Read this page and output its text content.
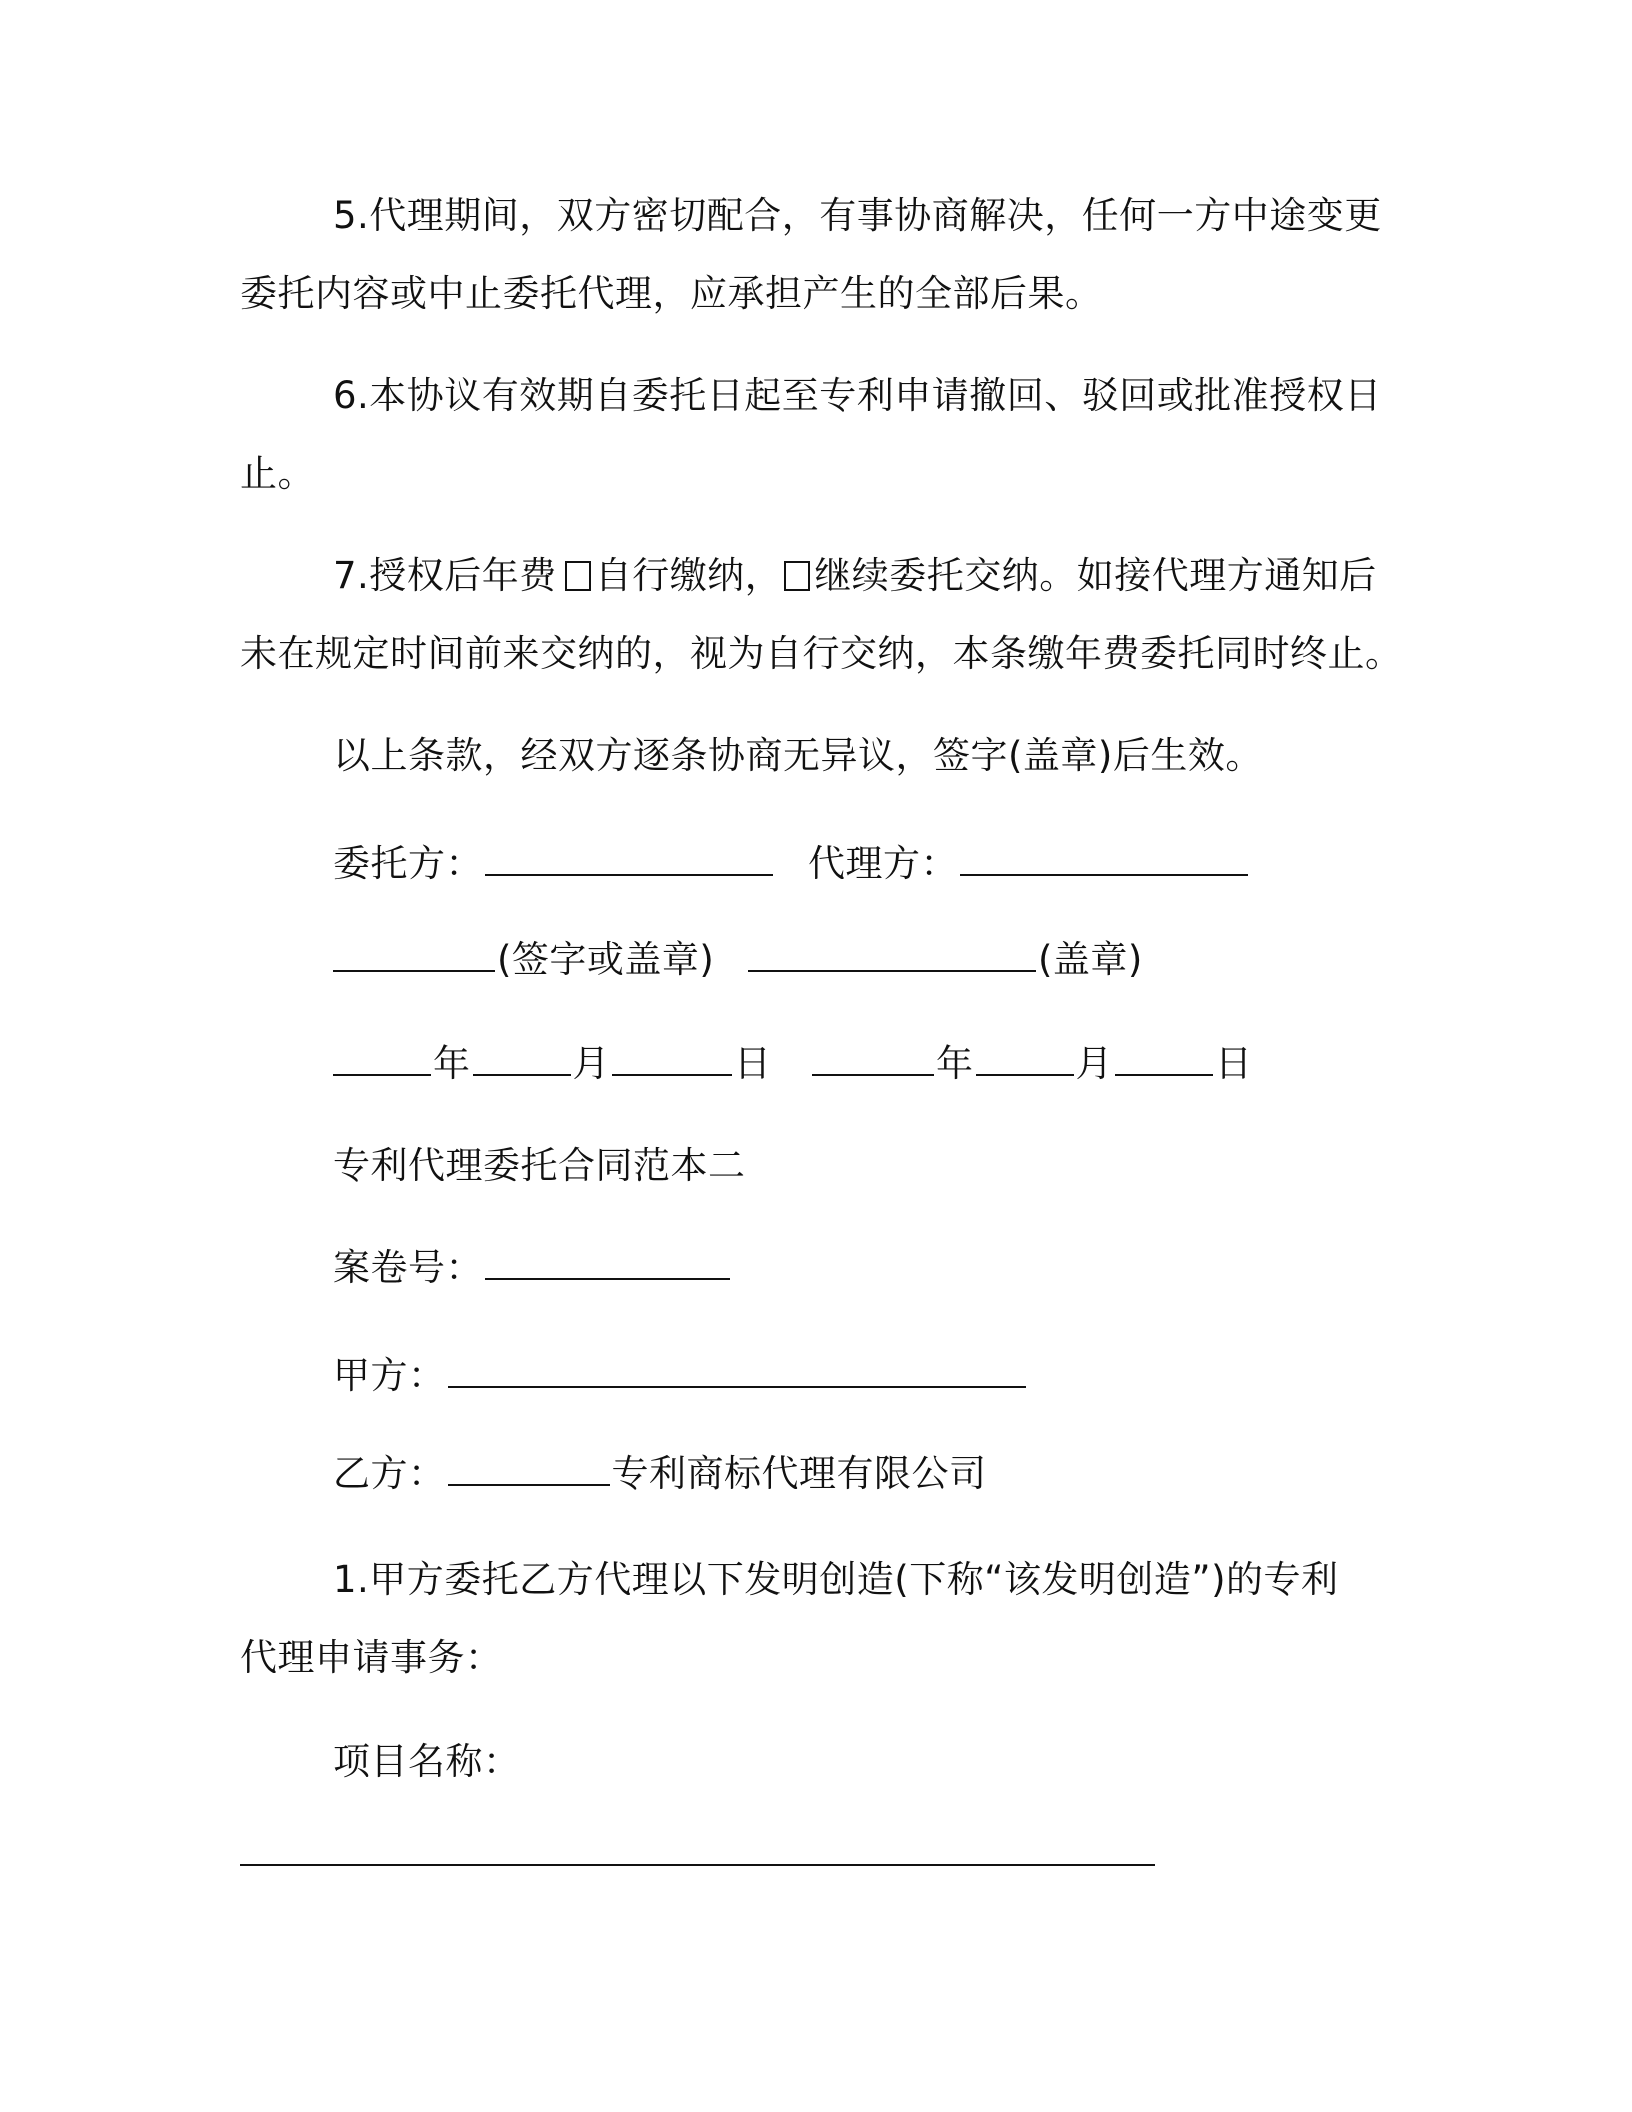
5.代理期间，双方密切配合，有事协商解决，任何一方中途变更
委托内容或中止委托代理，应承担产生的全部后果。
6.本协议有效期自委托日起至专利申请撤回、驳回或批准授权日
止。
7.授权后年费 自行缴纳， 继续委托交纳。如接代理方通知后
未在规定时间前来交纳的，视为自行交纳，本条缴年费委托同时终止。
以上条款，经双方逐条协商无异议，签字(盖章)后生效。
委托方：	代理方：
(签字或盖章)	(盖章)
年	月	日	年	月	日
专利代理委托合同范本二
案卷号：
甲方：
乙方：	专利商标代理有限公司
1.甲方委托乙方代理以下发明创造(下称“该发明创造”)的专利
代理申请事务：
项目名称：
